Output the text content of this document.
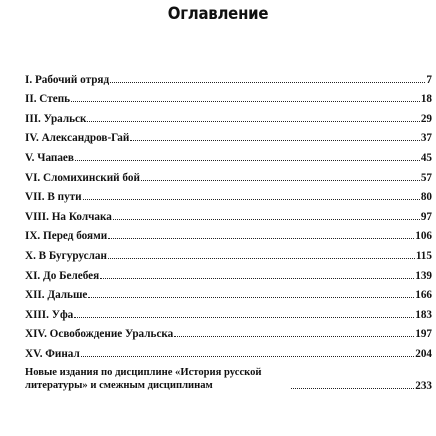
Оглавление
I. Рабочий отряд	7
II. Степь	18
III. Уральск	29
IV. Александров-Гай	37
V. Чапаев	45
VI. Сломихинский бой	57
VII. В пути	80
VIII. На Колчака	97
IX. Перед боями	106
X. В Бугуруслан	115
XI. До Белебея	139
XII. Дальше	166
XIII. Уфа	183
XIV. Освобождение Уральска	197
XV. Финал	204
Новые издания по дисциплине «История русской литературы» и смежным дисциплинам	233
